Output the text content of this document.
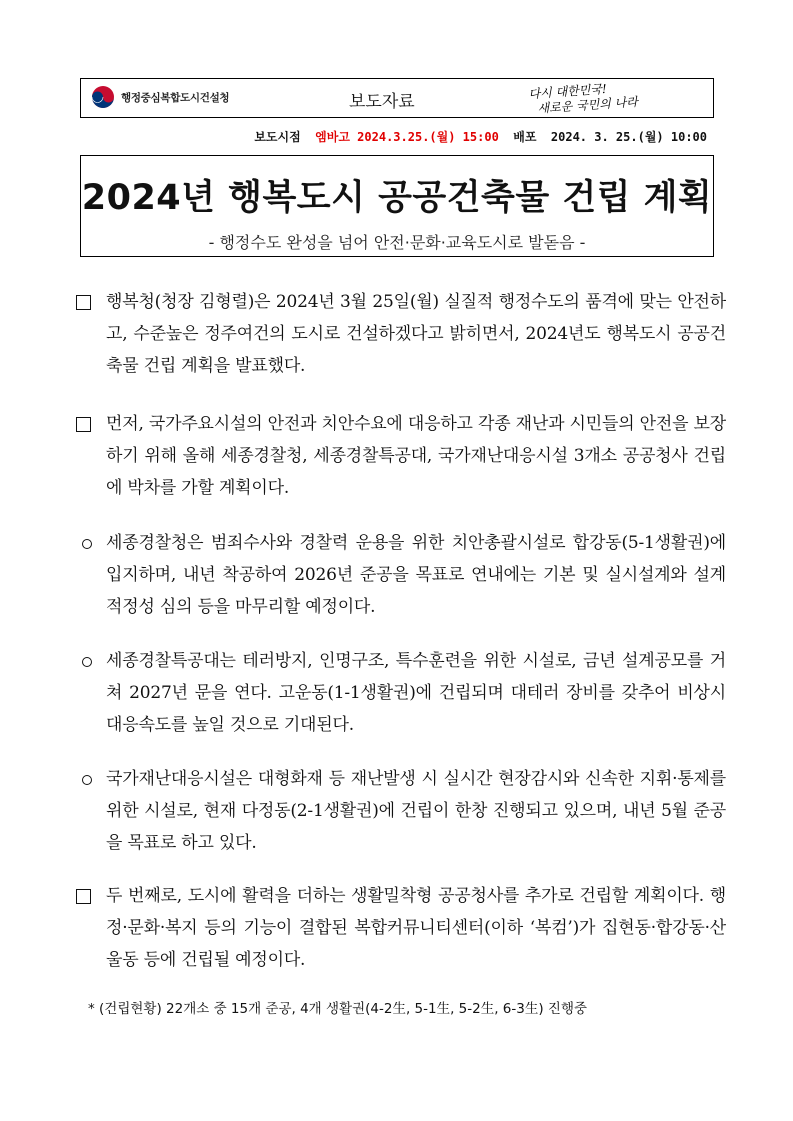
행정중심복합도시건설청	보도자료
다시 대한민국!
새로운 국민의 나라
보도시점 엠바고 2024.3.25.(월) 15:00 배포 2024. 3. 25.(월) 10:00
2024년 행복도시 공공건축물 건립 계획
- 행정수도 완성을 넘어 안전·문화·교육도시로 발돋음 -
행복청(청장 김형렬)은 2024년 3월 25일(월) 실질적 행정수도의 품격에 맞는 안전하고, 수준높은 정주여건의 도시로 건설하겠다고 밝히면서, 2024년도 행복도시 공공건축물 건립 계획을 발표했다.
먼저, 국가주요시설의 안전과 치안수요에 대응하고 각종 재난과 시민들의 안전을 보장하기 위해 올해 세종경찰청, 세종경찰특공대, 국가재난대응시설 3개소 공공청사 건립에 박차를 가할 계획이다.
세종경찰청은 범죄수사와 경찰력 운용을 위한 치안총괄시설로 합강동(5-1생활권)에 입지하며, 내년 착공하여 2026년 준공을 목표로 연내에는 기본 및 실시설계와 설계 적정성 심의 등을 마무리할 예정이다.
세종경찰특공대는 테러방지, 인명구조, 특수훈련을 위한 시설로, 금년 설계공모를 거쳐 2027년 문을 연다. 고운동(1-1생활권)에 건립되며 대테러 장비를 갖추어 비상시 대응속도를 높일 것으로 기대된다.
국가재난대응시설은 대형화재 등 재난발생 시 실시간 현장감시와 신속한 지휘·통제를 위한 시설로, 현재 다정동(2-1생활권)에 건립이 한창 진행되고 있으며, 내년 5월 준공을 목표로 하고 있다.
두 번째로, 도시에 활력을 더하는 생활밀착형 공공청사를 추가로 건립할 계획이다. 행정·문화·복지 등의 기능이 결합된 복합커뮤니티센터(이하 ‘복컴’)가 집현동·합강동·산울동 등에 건립될 예정이다.
* (건립현황) 22개소 중 15개 준공, 4개 생활권(4-2生, 5-1生, 5-2生, 6-3生) 진행중
